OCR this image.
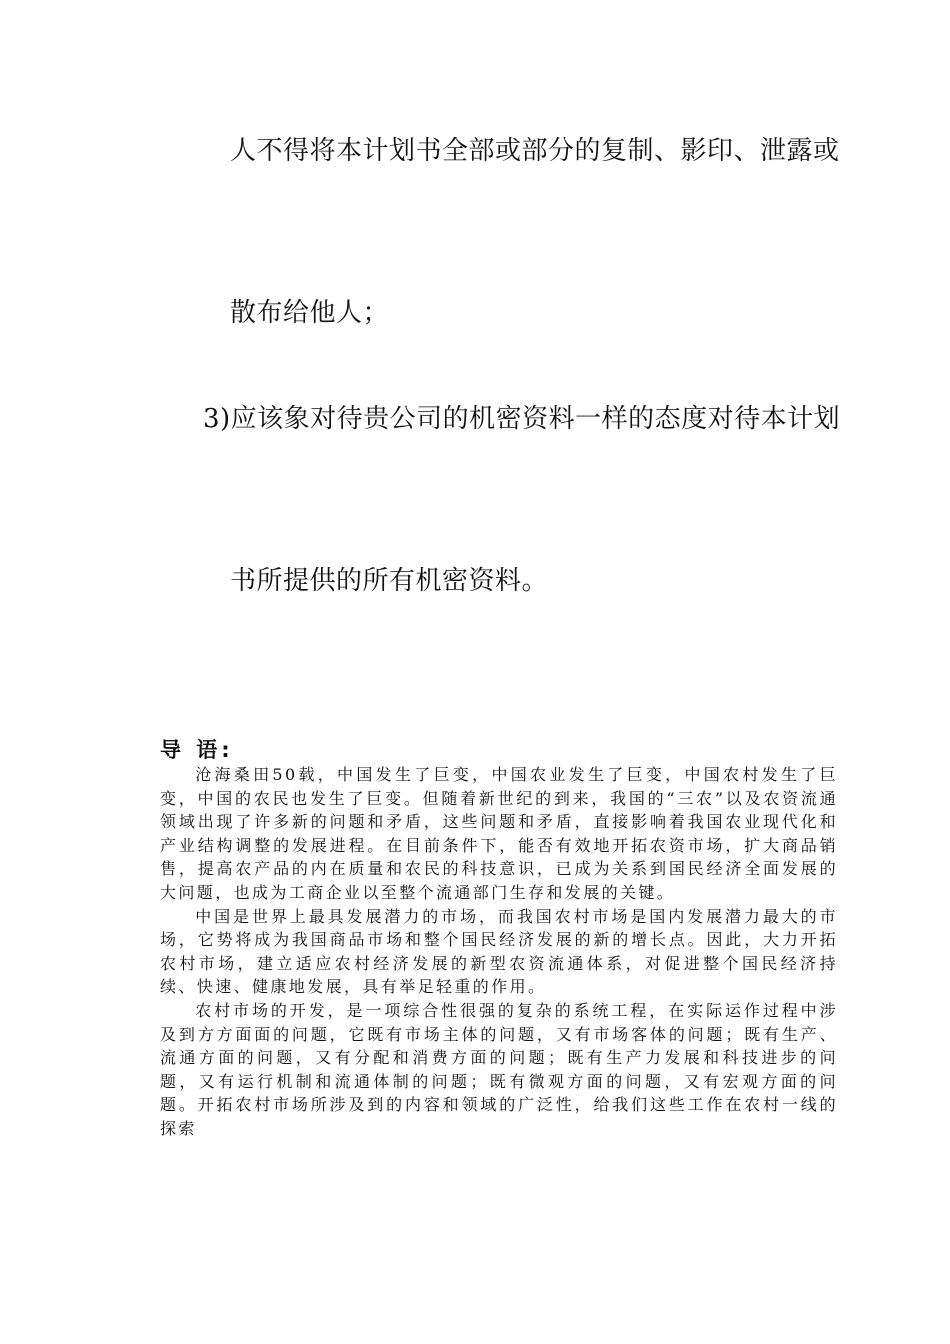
人不得将本计划书全部或部分的复制、影印、泄露或
散布给他人；
3)应该象对待贵公司的机密资料一样的态度对待本计划
书所提供的所有机密资料。
导 语:

沧海桑田50载，中国发生了巨变，中国农业发生了巨变，中国农村发生了巨变，中国的农民也发生了巨变。但随着新世纪的到来，我国的“三农”以及农资流通领域出现了许多新的问题和矛盾，这些问题和矛盾，直接影响着我国农业现代化和产业结构调整的发展进程。在目前条件下，能否有效地开拓农资市场，扩大商品销售，提高农产品的内在质量和农民的科技意识，已成为关系到国民经济全面发展的大问题，也成为工商企业以至整个流通部门生存和发展的关键。

中国是世界上最具发展潜力的市场，而我国农村市场是国内发展潜力最大的市场，它势将成为我国商品市场和整个国民经济发展的新的增长点。因此，大力开拓农村市场，建立适应农村经济发展的新型农资流通体系，对促进整个国民经济持续、快速、健康地发展，具有举足轻重的作用。

农村市场的开发，是一项综合性很强的复杂的系统工程，在实际运作过程中涉及到方方面面的问题，它既有市场主体的问题，又有市场客体的问题；既有生产、流通方面的问题，又有分配和消费方面的问题；既有生产力发展和科技进步的问题，又有运行机制和流通体制的问题；既有微观方面的问题，又有宏观方面的问题。开拓农村市场所涉及到的内容和领域的广泛性，给我们这些工作在农村一线的探索
